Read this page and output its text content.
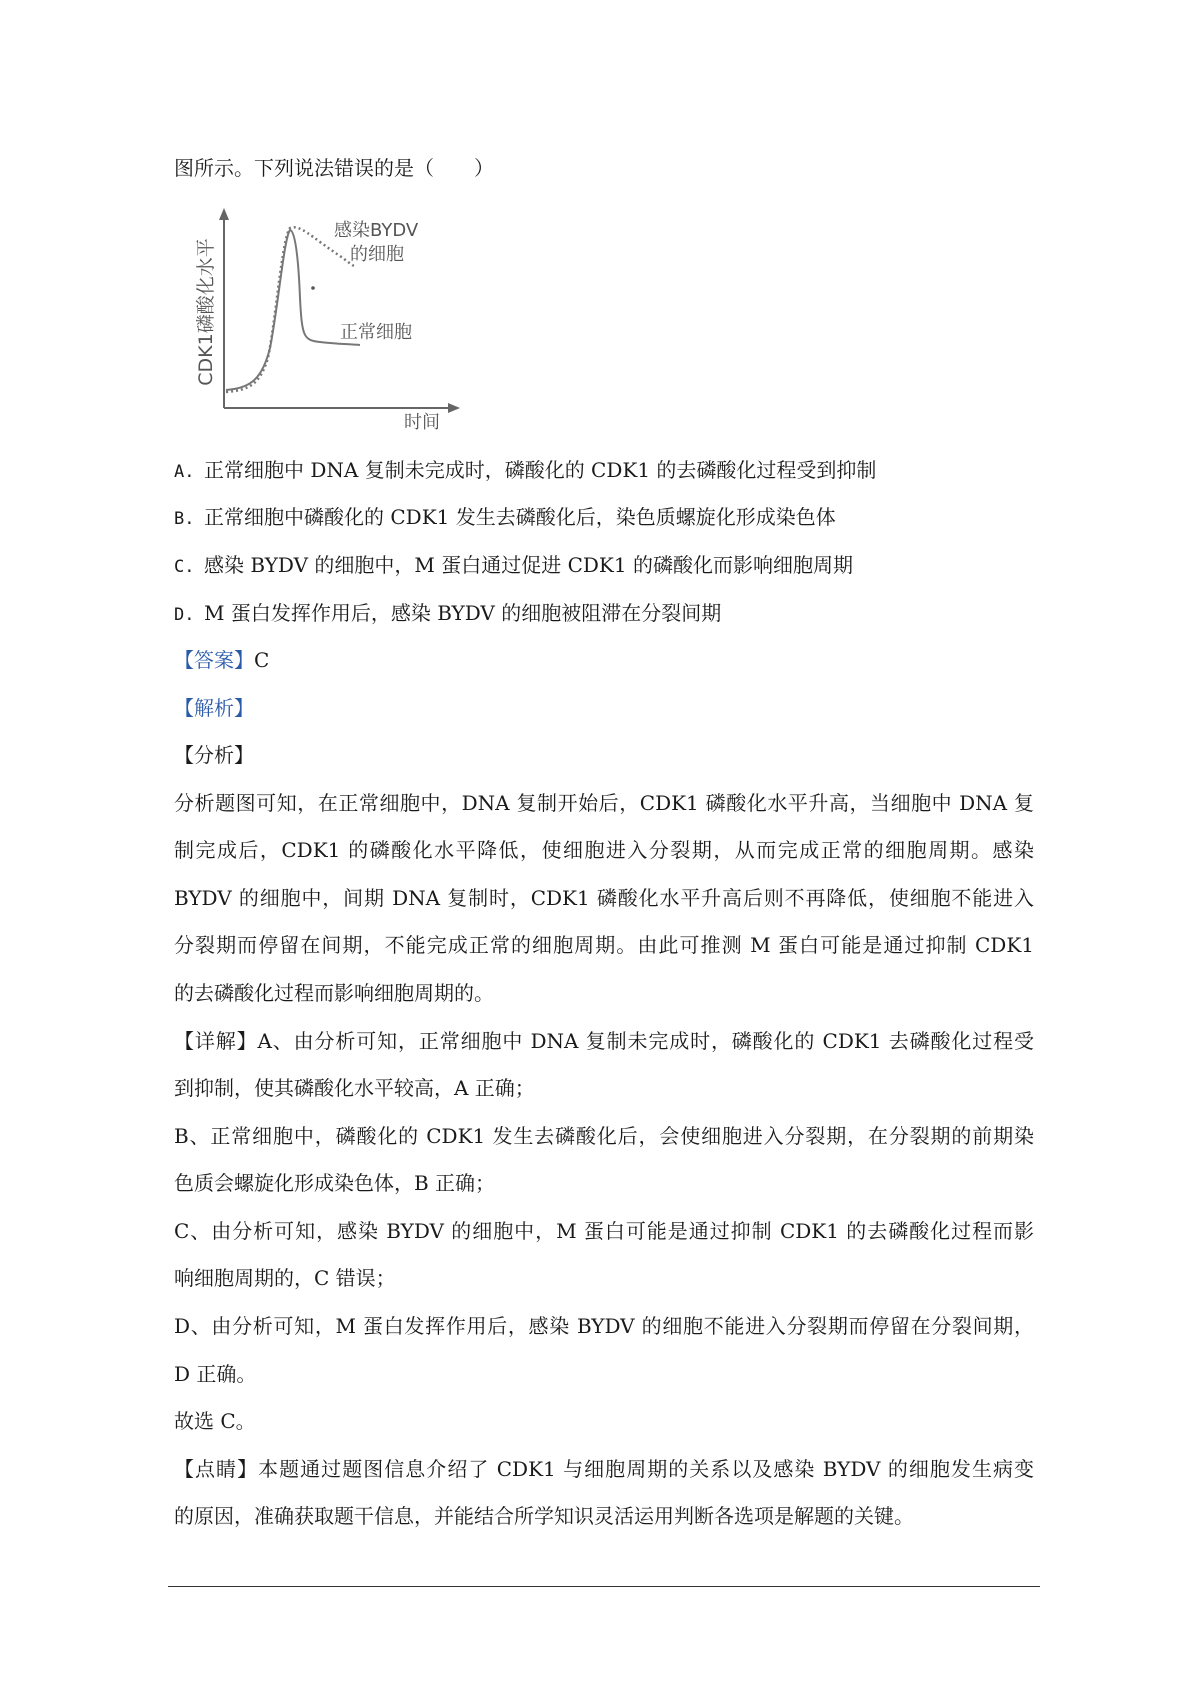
图所示。下列说法错误的是（　　）
CDK1磷酸化水平
时间
感染BYDV
的细胞
正常细胞
A. 正常细胞中 DNA 复制未完成时，磷酸化的 CDK1 的去磷酸化过程受到抑制
B. 正常细胞中磷酸化的 CDK1 发生去磷酸化后，染色质螺旋化形成染色体
C. 感染 BYDV 的细胞中，M 蛋白通过促进 CDK1 的磷酸化而影响细胞周期
D. M 蛋白发挥作用后，感染 BYDV 的细胞被阻滞在分裂间期
【答案】C
【解析】
【分析】
分析题图可知，在正常细胞中，DNA 复制开始后，CDK1 磷酸化水平升高，当细胞中 DNA 复
制完成后，CDK1 的磷酸化水平降低，使细胞进入分裂期，从而完成正常的细胞周期。感染
BYDV 的细胞中，间期 DNA 复制时，CDK1 磷酸化水平升高后则不再降低，使细胞不能进入
分裂期而停留在间期，不能完成正常的细胞周期。由此可推测 M 蛋白可能是通过抑制 CDK1
的去磷酸化过程而影响细胞周期的。
【详解】A、由分析可知，正常细胞中 DNA 复制未完成时，磷酸化的 CDK1 去磷酸化过程受
到抑制，使其磷酸化水平较高，A 正确；
B、正常细胞中，磷酸化的 CDK1 发生去磷酸化后，会使细胞进入分裂期，在分裂期的前期染
色质会螺旋化形成染色体，B 正确；
C、由分析可知，感染 BYDV 的细胞中，M 蛋白可能是通过抑制 CDK1 的去磷酸化过程而影
响细胞周期的，C 错误；
D、由分析可知，M 蛋白发挥作用后，感染 BYDV 的细胞不能进入分裂期而停留在分裂间期，
D 正确。
故选 C。
【点睛】本题通过题图信息介绍了 CDK1 与细胞周期的关系以及感染 BYDV 的细胞发生病变
的原因，准确获取题干信息，并能结合所学知识灵活运用判断各选项是解题的关键。
